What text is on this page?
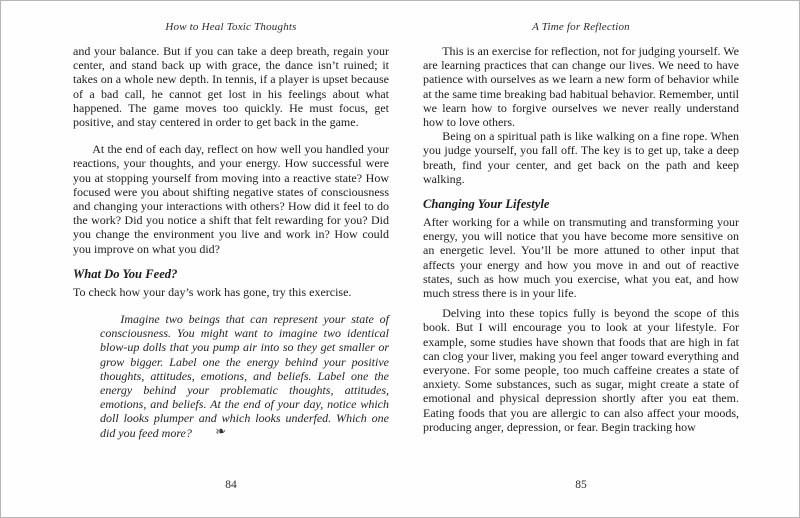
How to Heal Toxic Thoughts

and your balance. But if you can take a deep breath, regain your center, and stand back up with grace, the dance isn’t ruined; it takes on a whole new depth. In tennis, if a player is upset because of a bad call, he cannot get lost in his feelings about what happened. The game moves too quickly. He must focus, get positive, and stay centered in order to get back in the game.

At the end of each day, reflect on how well you handled your reactions, your thoughts, and your energy. How successful were you at stopping yourself from moving into a reactive state? How focused were you about shifting negative states of consciousness and changing your interactions with others? How did it feel to do the work? Did you notice a shift that felt rewarding for you? Did you change the environment you live and work in? How could you improve on what you did?

What Do You Feed?

To check how your day’s work has gone, try this exercise.

Imagine two beings that can represent your state of consciousness. You might want to imagine two identical blow-up dolls that you pump air into so they get smaller or grow bigger. Label one the energy behind your positive thoughts, attitudes, emotions, and beliefs. Label one the energy behind your problematic thoughts, attitudes, emotions, and beliefs. At the end of your day, notice which doll looks plumper and which looks underfed. Which one did you feed more? ❧

84
A Time for Reflection

This is an exercise for reflection, not for judging yourself. We are learning practices that can change our lives. We need to have patience with ourselves as we learn a new form of behavior while at the same time breaking bad habitual behavior. Remember, until we learn how to forgive ourselves we never really understand how to love others.

Being on a spiritual path is like walking on a fine rope. When you judge yourself, you fall off. The key is to get up, take a deep breath, find your center, and get back on the path and keep walking.

Changing Your Lifestyle

After working for a while on transmuting and transforming your energy, you will notice that you have become more sensitive on an energetic level. You’ll be more attuned to other input that affects your energy and how you move in and out of reactive states, such as how much you exercise, what you eat, and how much stress there is in your life.

Delving into these topics fully is beyond the scope of this book. But I will encourage you to look at your lifestyle. For example, some studies have shown that foods that are high in fat can clog your liver, making you feel anger toward everything and everyone. For some people, too much caffeine creates a state of anxiety. Some substances, such as sugar, might create a state of emotional and physical depression shortly after you eat them. Eating foods that you are allergic to can also affect your moods, producing anger, depression, or fear. Begin tracking how

85
